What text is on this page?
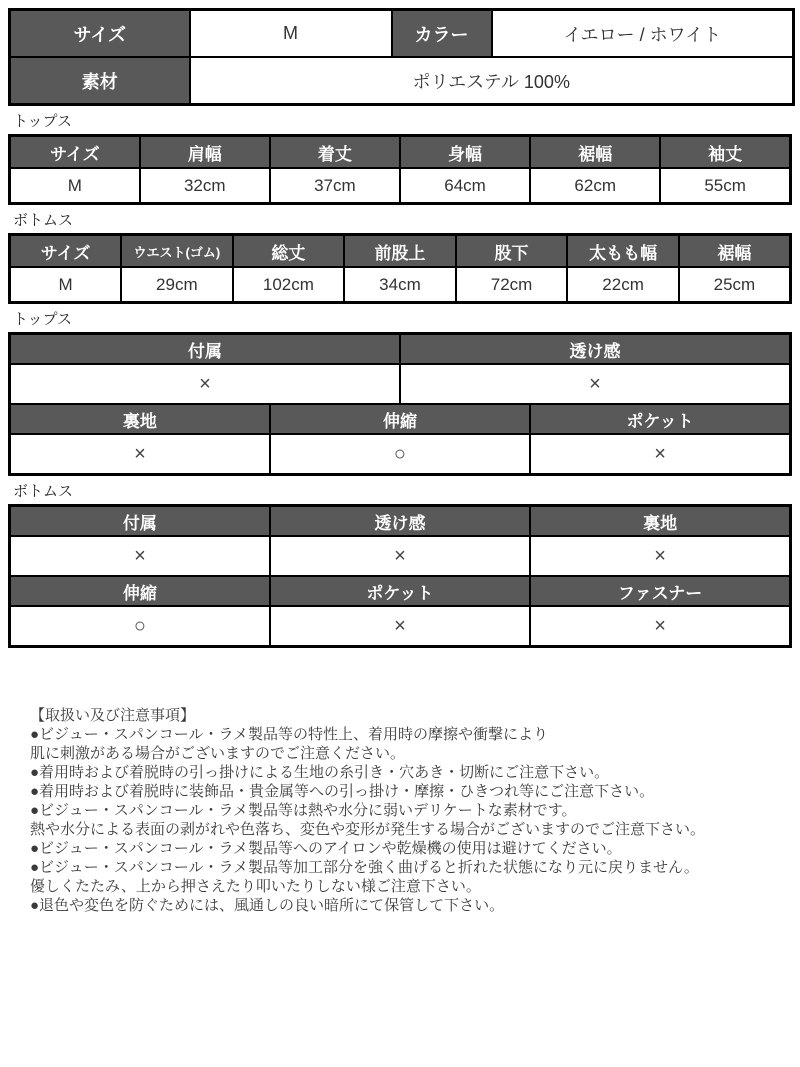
サイズ	M	カラー	イエロー / ホワイト
素材	ポリエステル 100%		
トップス
サイズ	肩幅	着丈	身幅	裾幅	袖丈
M	32cm	37cm	64cm	62cm	55cm
ボトムス
サイズ	ウエスト(ゴム)	総丈	前股上	股下	太もも幅	裾幅
M	29cm	102cm	34cm	72cm	22cm	25cm
トップス
付属		透け感	
×		×	
裏地	伸縮		ポケット
×	○		×
ボトムス
付属	透け感	裏地
×	×	×
伸縮	ポケット	ファスナー
○	×	×
【取扱い及び注意事項】
●ビジュー・スパンコール・ラメ製品等の特性上、着用時の摩擦や衝撃により
肌に刺激がある場合がございますのでご注意ください。
●着用時および着脱時の引っ掛けによる生地の糸引き・穴あき・切断にご注意下さい。
●着用時および着脱時に装飾品・貴金属等への引っ掛け・摩擦・ひきつれ等にご注意下さい。
●ビジュー・スパンコール・ラメ製品等は熱や水分に弱いデリケートな素材です。
熱や水分による表面の剥がれや色落ち、変色や変形が発生する場合がございますのでご注意下さい。
●ビジュー・スパンコール・ラメ製品等へのアイロンや乾燥機の使用は避けてください。
●ビジュー・スパンコール・ラメ製品等加工部分を強く曲げると折れた状態になり元に戻りません。
優しくたたみ、上から押さえたり叩いたりしない様ご注意下さい。
●退色や変色を防ぐためには、風通しの良い暗所にて保管して下さい。
